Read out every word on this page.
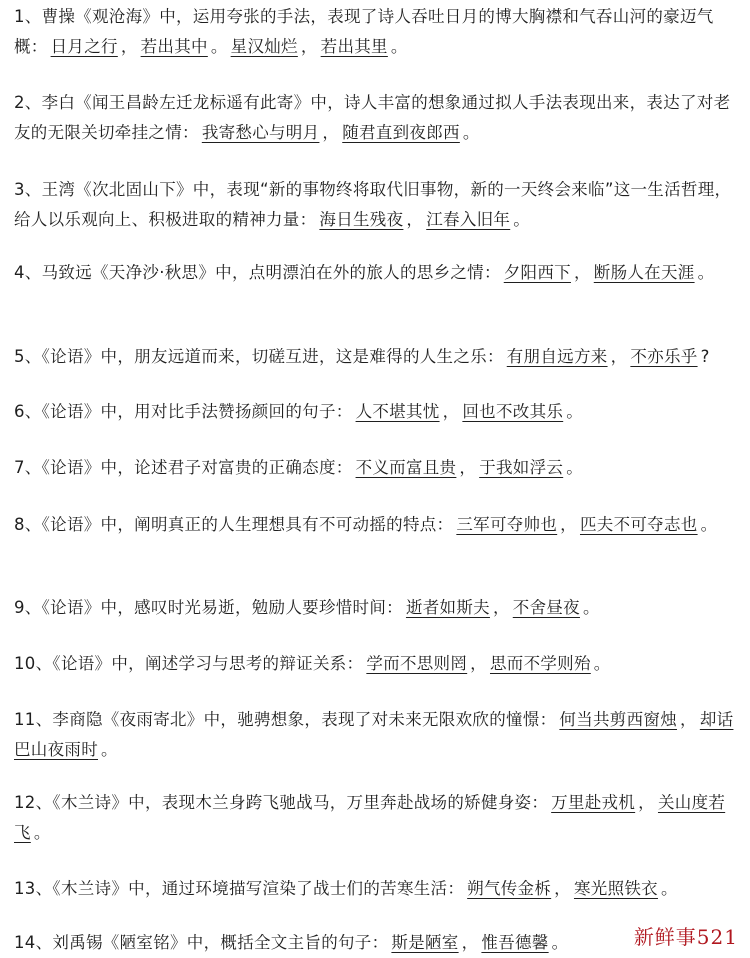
1、曹操《观沧海》中，运用夸张的手法，表现了诗人吞吐日月的博大胸襟和气吞山河的豪迈气概： 日月之行 ， 若出其中 。 星汉灿烂 ， 若出其里 。
2、李白《闻王昌龄左迁龙标遥有此寄》中，诗人丰富的想象通过拟人手法表现出来，表达了对老友的无限关切牵挂之情： 我寄愁心与明月 ， 随君直到夜郎西 。
3、王湾《次北固山下》中，表现“新的事物终将取代旧事物，新的一天终会来临”这一生活哲理，给人以乐观向上、积极进取的精神力量： 海日生残夜 ， 江春入旧年 。
4、马致远《天净沙·秋思》中，点明漂泊在外的旅人的思乡之情： 夕阳西下 ， 断肠人在天涯 。
5、《论语》中，朋友远道而来，切磋互进，这是难得的人生之乐： 有朋自远方来 ， 不亦乐乎 ?
6、《论语》中，用对比手法赞扬颜回的句子： 人不堪其忧 ， 回也不改其乐 。
7、《论语》中，论述君子对富贵的正确态度： 不义而富且贵 ， 于我如浮云 。
8、《论语》中，阐明真正的人生理想具有不可动摇的特点： 三军可夺帅也 ， 匹夫不可夺志也 。
9、《论语》中，感叹时光易逝，勉励人要珍惜时间： 逝者如斯夫 ， 不舍昼夜 。
10、《论语》中，阐述学习与思考的辩证关系： 学而不思则罔 ， 思而不学则殆 。
11、李商隐《夜雨寄北》中，驰骋想象，表现了对未来无限欢欣的憧憬： 何当共剪西窗烛 ， 却话巴山夜雨时 。
12、《木兰诗》中，表现木兰身跨飞驰战马，万里奔赴战场的矫健身姿： 万里赴戎机 ， 关山度若飞 。
13、《木兰诗》中，通过环境描写渲染了战士们的苦寒生活： 朔气传金柝 ， 寒光照铁衣 。
14、刘禹锡《陋室铭》中，概括全文主旨的句子： 斯是陋室 ， 惟吾德馨 。	新鲜事521
